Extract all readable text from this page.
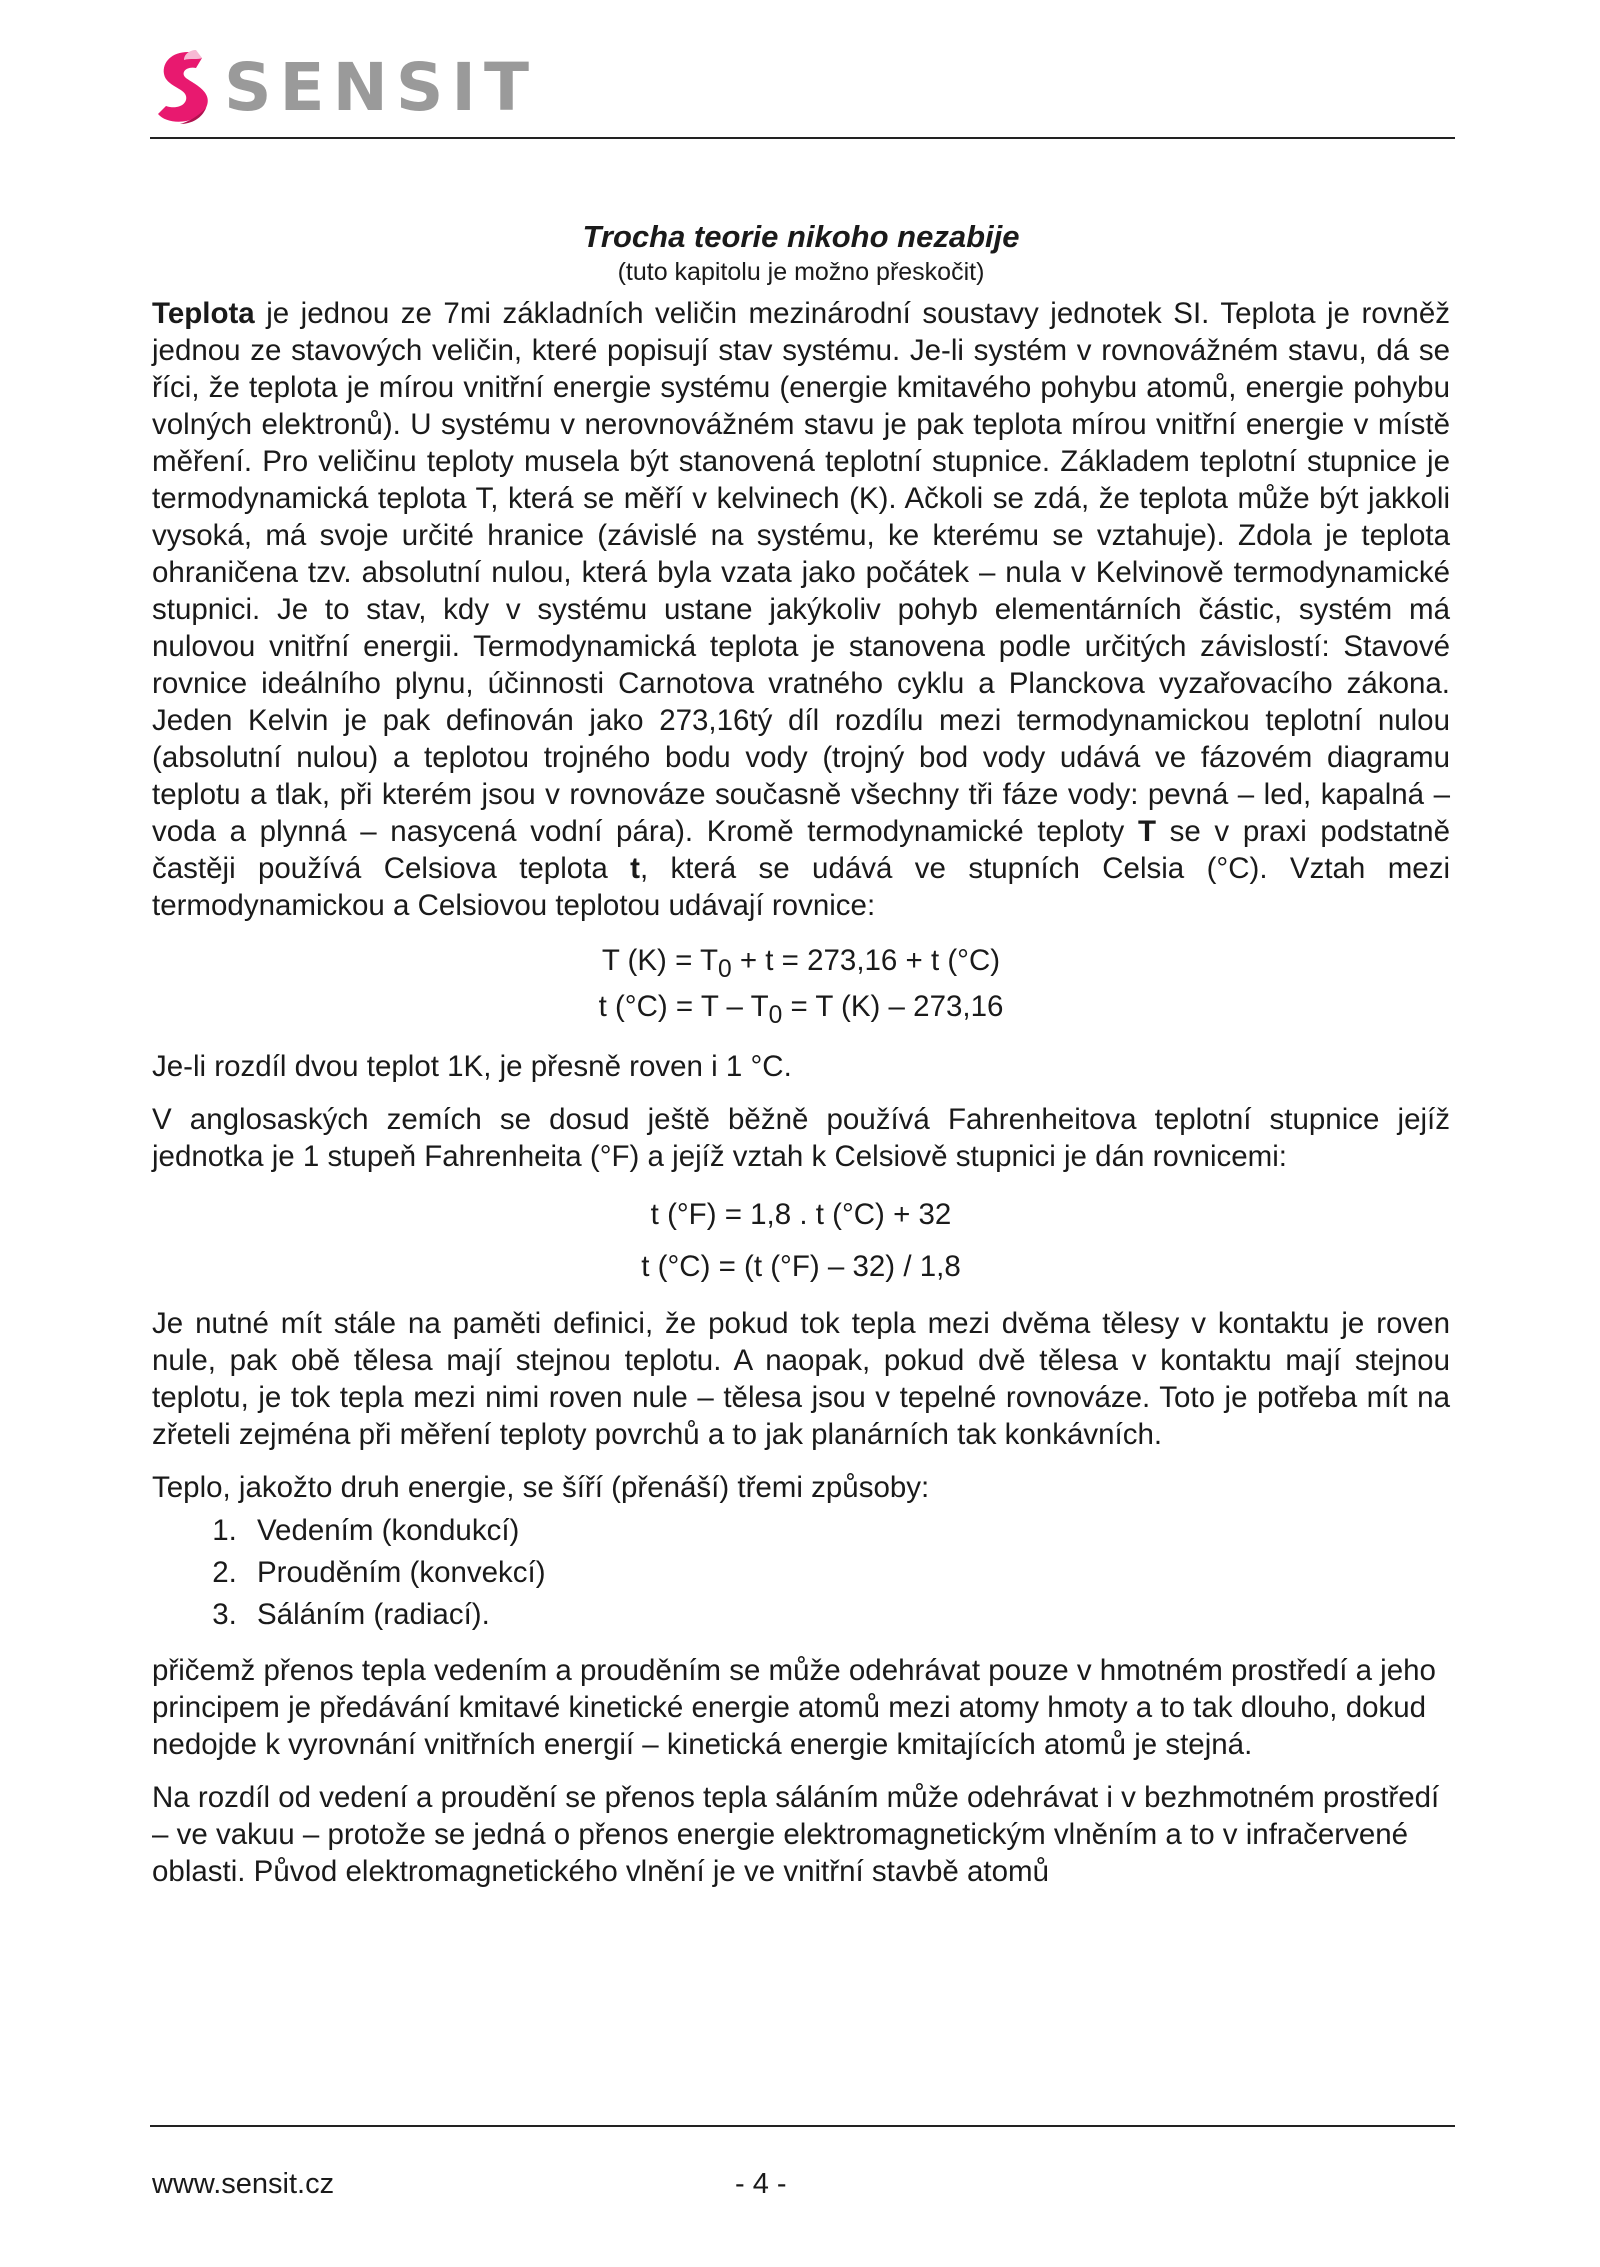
SENSIT

Trocha teorie nikoho nezabije

(tuto kapitolu je možno přeskočit)

Teplota je jednou ze 7mi základních veličin mezinárodní soustavy jednotek SI. Teplota je rovněž jednou ze stavových veličin, které popisují stav systému. Je-li systém v rovnovážném stavu, dá se říci, že teplota je mírou vnitřní energie systému (energie kmitavého pohybu atomů, energie pohybu volných elektronů). U systému v nerovnovážném stavu je pak teplota mírou vnitřní energie v místě měření. Pro veličinu teploty musela být stanovená teplotní stupnice. Základem teplotní stupnice je termodynamická teplota T, která se měří v kelvinech (K). Ačkoli se zdá, že teplota může být jakkoli vysoká, má svoje určité hranice (závislé na systému, ke kterému se vztahuje). Zdola je teplota ohraničena tzv. absolutní nulou, která byla vzata jako počátek – nula v Kelvinově termodynamické stupnici. Je to stav, kdy v systému ustane jakýkoliv pohyb elementárních částic, systém má nulovou vnitřní energii. Termodynamická teplota je stanovena podle určitých závislostí: Stavové rovnice ideálního plynu, účinnosti Carnotova vratného cyklu a Planckova vyzařovacího zákona. Jeden Kelvin je pak definován jako 273,16tý díl rozdílu mezi termodynamickou teplotní nulou (absolutní nulou) a teplotou trojného bodu vody (trojný bod vody udává ve fázovém diagramu teplotu a tlak, při kterém jsou v rovnováze současně všechny tři fáze vody: pevná – led, kapalná – voda a plynná – nasycená vodní pára). Kromě termodynamické teploty T se v praxi podstatně častěji používá Celsiova teplota t, která se udává ve stupních Celsia (°C). Vztah mezi termodynamickou a Celsiovou teplotou udávají rovnice:

T $(K) = T_0 + t = 273,16 + t$ (°C)

t $(^\circ C) = T - T_0 = T$ (K) – 273,16

Je-li rozdíl dvou teplot 1K, je přesně roven i 1 °C.

V anglosaských zemích se dosud ještě běžně používá Fahrenheitova teplotní stupnice jejíž jednotka je 1 stupeň Fahrenheita (°F) a jejíž vztah k Celsiově stupnici je dán rovnicemi:

t (°F) = 1,8 . t (°C) + 32

t (°C) = (t (°F) – 32) / 1,8

Je nutné mít stále na paměti definici, že pokud tok tepla mezi dvěma tělesy v kontaktu je roven nule, pak obě tělesa mají stejnou teplotu. A naopak, pokud dvě tělesa v kontaktu mají stejnou teplotu, je tok tepla mezi nimi roven nule – tělesa jsou v tepelné rovnováze. Toto je potřeba mít na zřeteli zejména při měření teploty povrchů a to jak planárních tak konkávních.

Teplo, jakožto druh energie, se šíří (přenáší) třemi způsoby:

1. Vedením (kondukcí)
2. Prouděním (konvekcí)
3. Sáláním (radiací).

přičemž přenos tepla vedením a prouděním se může odehrávat pouze v hmotném prostředí a jeho principem je předávání kmitavé kinetické energie atomů mezi atomy hmoty a to tak dlouho, dokud nedojde k vyrovnání vnitřních energií – kinetická energie kmitajících atomů je stejná.

Na rozdíl od vedení a proudění se přenos tepla sáláním může odehrávat i v bezhmotném prostředí – ve vakuu – protože se jedná o přenos energie elektromagnetickým vlněním a to v infračervené oblasti. Původ elektromagnetického vlnění je ve vnitřní stavbě atomů

www.sensit.cz	- 4 -
